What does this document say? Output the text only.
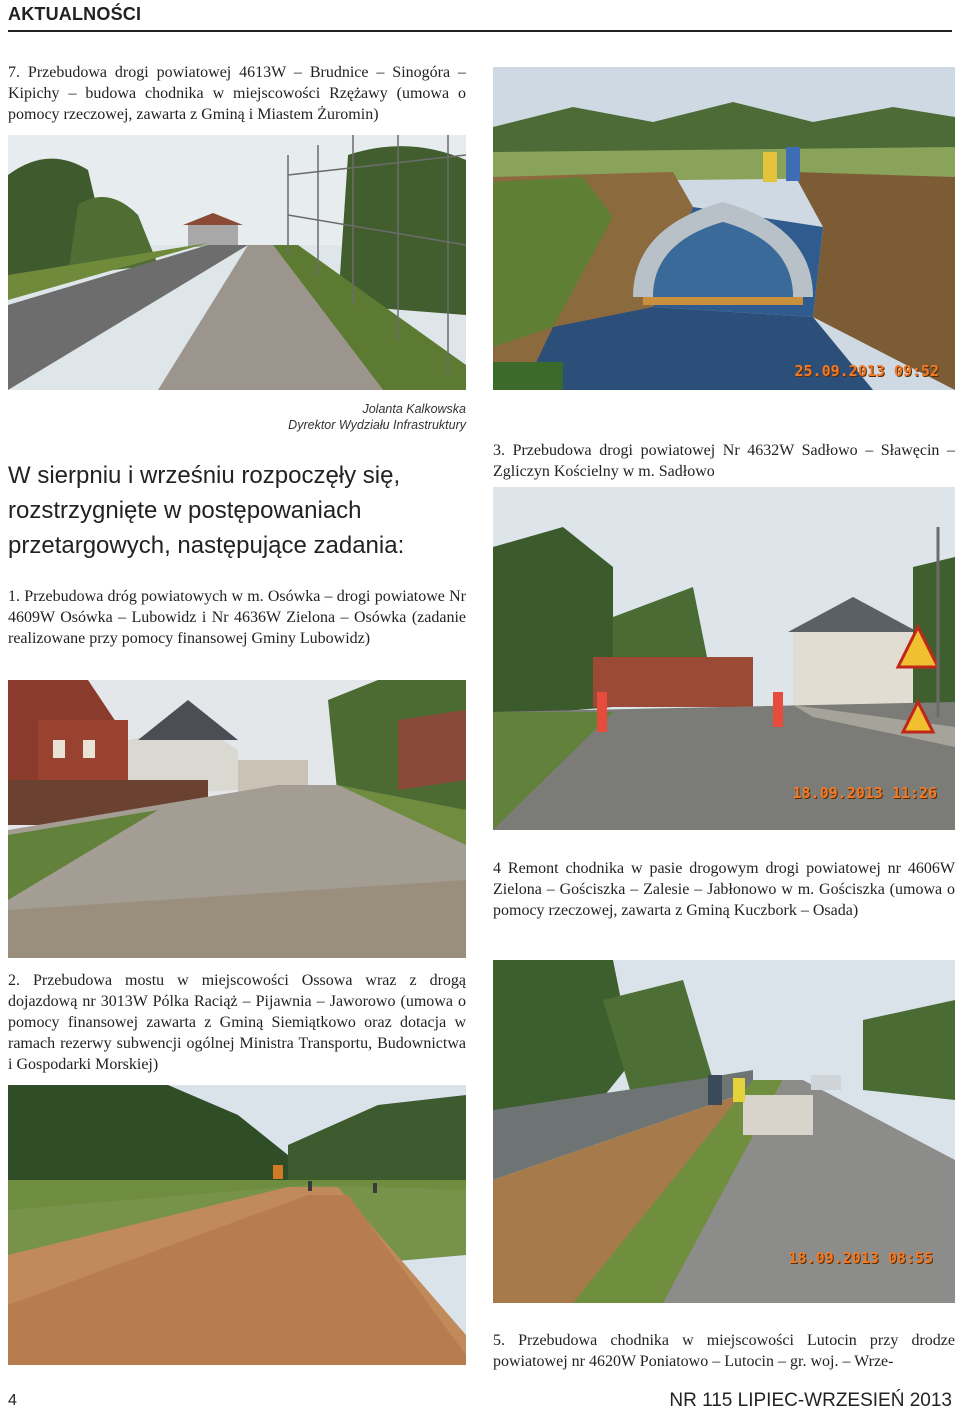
AKTUALNOŚCI
7. Przebudowa drogi powiatowej 4613W – Brudnice – Sinogóra – Kipichy – budowa chodnika w miejscowości Rzężawy (umowa o pomocy rzeczowej, zawarta z Gminą i Miastem Żuromin)
Jolanta Kalkowska
Dyrektor Wydziału Infrastruktury
W sierpniu i wrześniu rozpoczęły się, rozstrzygnięte w postępowaniach przetargowych, następujące zadania:
1. Przebudowa dróg powiatowych w m. Osówka – drogi powiatowe Nr 4609W Osówka – Lubowidz i Nr 4636W Zielona – Osówka (zadanie realizowane przy pomocy finansowej Gminy Lubowidz)
2. Przebudowa mostu w miejscowości Ossowa wraz z drogą dojazdową nr 3013W Pólka Raciąż – Pijawnia – Jaworowo (umowa o pomocy finansowej zawarta z Gminą Siemiątkowo oraz dotacja w ramach rezerwy subwencji ogólnej Ministra Transportu, Budownictwa i Gospodarki Morskiej)
25.09.2013 09:52
3. Przebudowa drogi powiatowej Nr 4632W Sadłowo – Sławęcin – Zgliczyn Kościelny w m. Sadłowo
18.09.2013 11:26
4 Remont chodnika w pasie drogowym drogi powiatowej nr 4606W Zielona – Gościszka – Zalesie – Jabłonowo w m. Gościszka (umowa o pomocy rzeczowej, zawarta z Gminą Kuczbork – Osada)
18.09.2013 08:55
5. Przebudowa chodnika w miejscowości Lutocin przy drodze powiatowej nr 4620W Poniatowo – Lutocin – gr. woj. – Wrze-
4	NR 115 LIPIEC-WRZESIEŃ 2013
